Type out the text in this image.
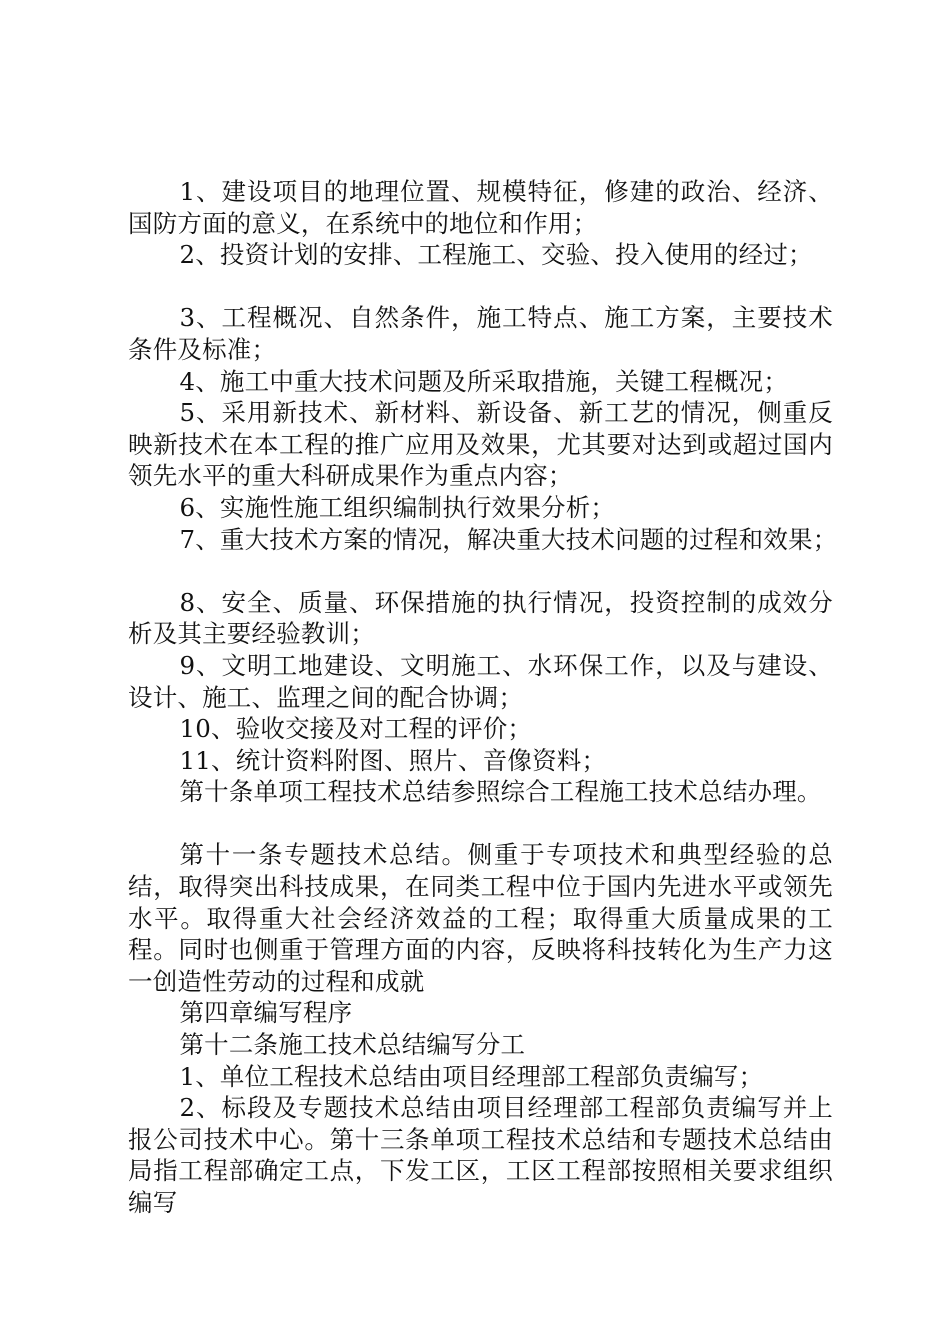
1、建设项目的地理位置、规模特征，修建的政治、经济、国防方面的意义，在系统中的地位和作用；

2、投资计划的安排、工程施工、交验、投入使用的经过；

3、工程概况、自然条件，施工特点、施工方案，主要技术条件及标准；

4、施工中重大技术问题及所采取措施，关键工程概况；

5、采用新技术、新材料、新设备、新工艺的情况，侧重反映新技术在本工程的推广应用及效果，尤其要对达到或超过国内领先水平的重大科研成果作为重点内容；

6、实施性施工组织编制执行效果分析；

7、重大技术方案的情况，解决重大技术问题的过程和效果；

8、安全、质量、环保措施的执行情况，投资控制的成效分析及其主要经验教训；

9、文明工地建设、文明施工、水环保工作，以及与建设、设计、施工、监理之间的配合协调；

10、验收交接及对工程的评价；

11、统计资料附图、照片、音像资料；

第十条单项工程技术总结参照综合工程施工技术总结办理。

第十一条专题技术总结。侧重于专项技术和典型经验的总结，取得突出科技成果，在同类工程中位于国内先进水平或领先水平。取得重大社会经济效益的工程；取得重大质量成果的工程。同时也侧重于管理方面的内容，反映将科技转化为生产力这一创造性劳动的过程和成就

第四章编写程序

第十二条施工技术总结编写分工

1、单位工程技术总结由项目经理部工程部负责编写；

2、标段及专题技术总结由项目经理部工程部负责编写并上报公司技术中心。第十三条单项工程技术总结和专题技术总结由局指工程部确定工点，下发工区，工区工程部按照相关要求组织编写
